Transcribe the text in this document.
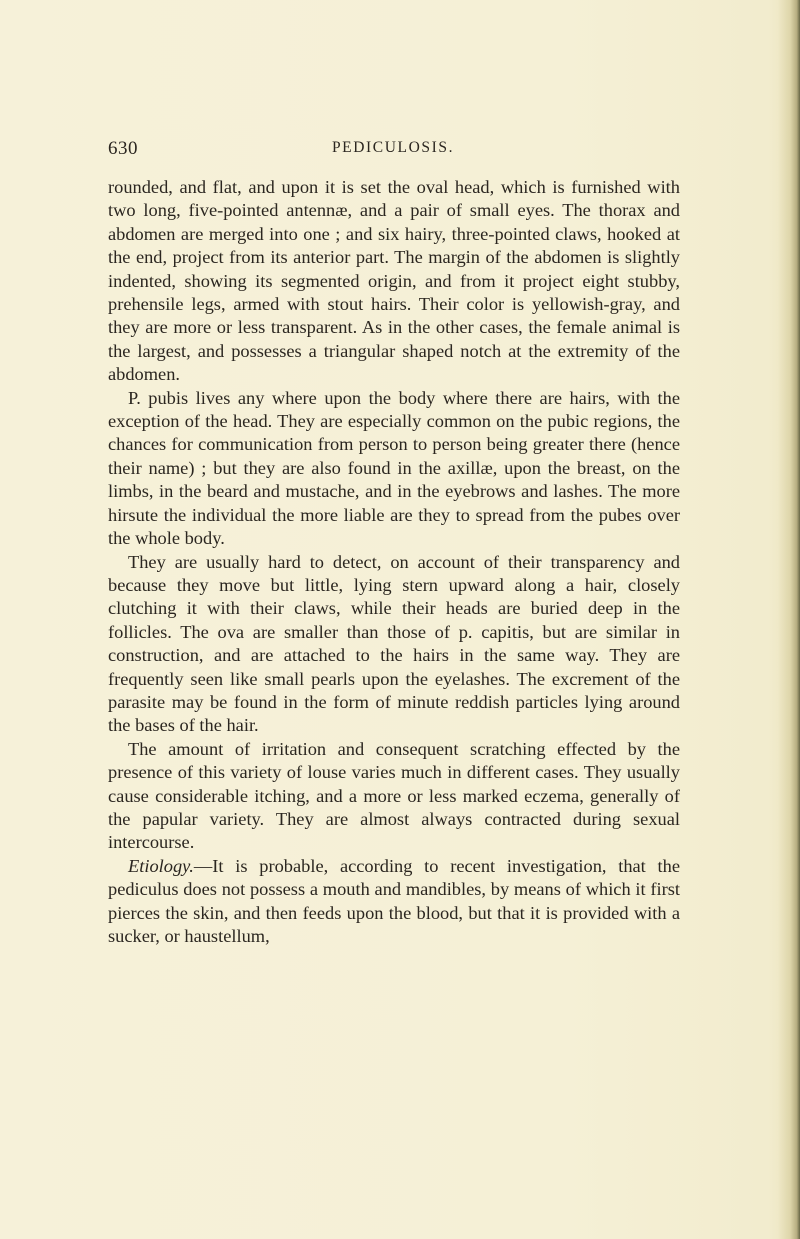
630	PEDICULOSIS.

rounded, and flat, and upon it is set the oval head, which is furnished with two long, five-pointed antennæ, and a pair of small eyes. The thorax and abdomen are merged into one ; and six hairy, three-pointed claws, hooked at the end, project from its anterior part. The margin of the abdomen is slightly indented, showing its segmented origin, and from it project eight stubby, prehensile legs, armed with stout hairs. Their color is yellowish-gray, and they are more or less transparent. As in the other cases, the female animal is the largest, and possesses a triangular shaped notch at the extremity of the abdomen.

P. pubis lives any where upon the body where there are hairs, with the exception of the head. They are especially common on the pubic regions, the chances for communication from person to person being greater there (hence their name) ; but they are also found in the axillæ, upon the breast, on the limbs, in the beard and mustache, and in the eyebrows and lashes. The more hirsute the individual the more liable are they to spread from the pubes over the whole body.

They are usually hard to detect, on account of their transparency and because they move but little, lying stern upward along a hair, closely clutching it with their claws, while their heads are buried deep in the follicles. The ova are smaller than those of p. capitis, but are similar in construction, and are attached to the hairs in the same way. They are frequently seen like small pearls upon the eyelashes. The excrement of the parasite may be found in the form of minute reddish particles lying around the bases of the hair.

The amount of irritation and consequent scratching effected by the presence of this variety of louse varies much in different cases. They usually cause considerable itching, and a more or less marked eczema, generally of the papular variety. They are almost always contracted during sexual intercourse.

Etiology.—It is probable, according to recent investigation, that the pediculus does not possess a mouth and mandibles, by means of which it first pierces the skin, and then feeds upon the blood, but that it is provided with a sucker, or haustellum,
